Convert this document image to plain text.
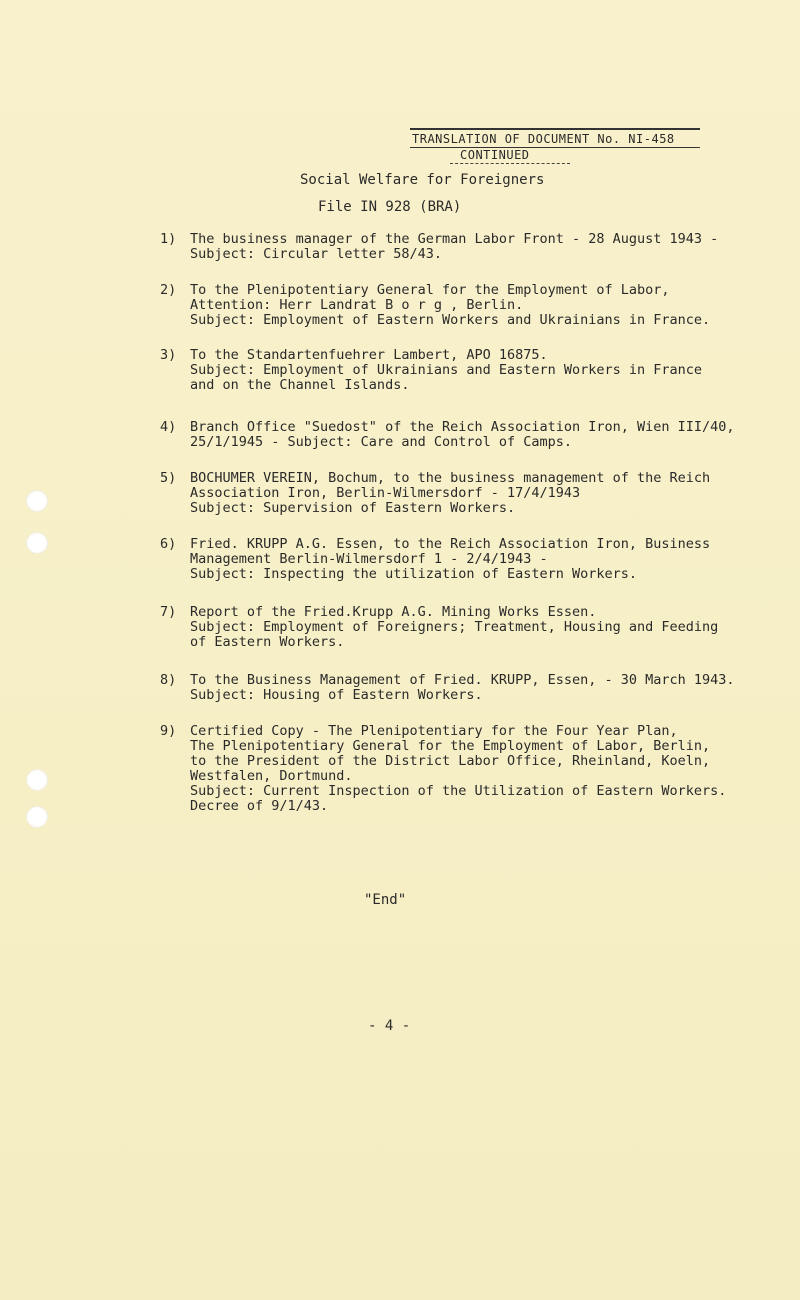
TRANSLATION OF DOCUMENT No. NI-458
CONTINUED
Social Welfare for Foreigners
File IN 928 (BRA)
1) The business manager of the German Labor Front - 28 August 1943 -
Subject: Circular letter 58/43.
2) To the Plenipotentiary General for the Employment of Labor,
Attention: Herr Landrat B o r g , Berlin.
Subject: Employment of Eastern Workers and Ukrainians in France.
3) To the Standartenfuehrer Lambert, APO 16875.
Subject: Employment of Ukrainians and Eastern Workers in France
and on the Channel Islands.
4) Branch Office "Suedost" of the Reich Association Iron, Wien III/40,
25/1/1945 - Subject: Care and Control of Camps.
5) BOCHUMER VEREIN, Bochum, to the business management of the Reich
Association Iron, Berlin-Wilmersdorf - 17/4/1943
Subject: Supervision of Eastern Workers.
6) Fried. KRUPP A.G. Essen, to the Reich Association Iron, Business
Management Berlin-Wilmersdorf 1 - 2/4/1943 -
Subject: Inspecting the utilization of Eastern Workers.
7) Report of the Fried.Krupp A.G. Mining Works Essen.
Subject: Employment of Foreigners; Treatment, Housing and Feeding
of Eastern Workers.
8) To the Business Management of Fried. KRUPP, Essen, - 30 March 1943.
Subject: Housing of Eastern Workers.
9) Certified Copy - The Plenipotentiary for the Four Year Plan,
The Plenipotentiary General for the Employment of Labor, Berlin,
to the President of the District Labor Office, Rheinland, Koeln,
Westfalen, Dortmund.
Subject: Current Inspection of the Utilization of Eastern Workers.
Decree of 9/1/43.
"End"
- 4 -
